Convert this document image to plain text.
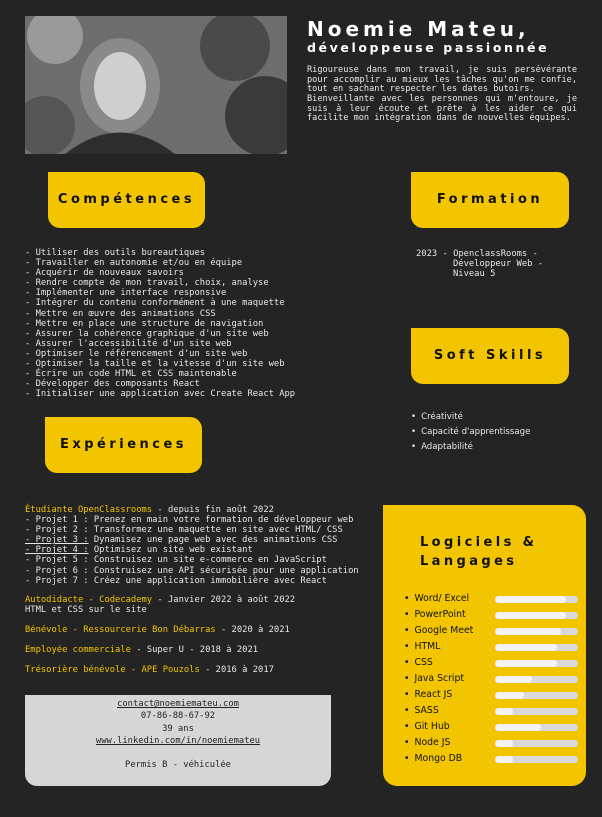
Noemie Mateu,
développeuse passionnée

Rigoureuse dans mon travail, je suis persévérante pour accomplir au mieux les tâches qu'on me confie, tout en sachant respecter les dates butoirs.

Bienveillante avec les personnes qui m'entoure, je suis à leur écoute et prête à les aider ce qui facilite mon intégration dans de nouvelles équipes.

Compétences	Formation
Soft Skills
Expériences
- Utiliser des outils bureautiques
- Travailler en autonomie et/ou en équipe
- Acquérir de nouveaux savoirs
- Rendre compte de mon travail, choix, analyse
- Implémenter une interface responsive
- Intégrer du contenu conformément à une maquette
- Mettre en œuvre des animations CSS
- Mettre en place une structure de navigation
- Assurer la cohérence graphique d'un site web
- Assurer l'accessibilité d'un site web
- Optimiser le référencement d'un site web
- Optimiser la taille et la vitesse d'un site web
- Écrire un code HTML et CSS maintenable
- Développer des composants React
- Initialiser une application avec Create React App
2023 - OpenclassRooms -
Développeur Web -
Niveau 5
• Créativité
• Capacité d'apprentissage
• Adaptabilité
Étudiante OpenClassrooms - depuis fin août 2022
- Projet 1 : Prenez en main votre formation de développeur web
- Projet 2 : Transformez une maquette en site avec HTML/ CSS
- Projet 3 : Dynamisez une page web avec des animations CSS
- Projet 4 : Optimisez un site web existant
- Projet 5 : Construisez un site e-commerce en JavaScript
- Projet 6 : Construisez une API sécurisée pour une application
- Projet 7 : Créez une application immobilière avec React
Autodidacte - Codecademy - Janvier 2022 à août 2022
HTML et CSS sur le site
Bénévole - Ressourcerie Bon Débarras - 2020 à 2021
Employée commerciale - Super U - 2018 à 2021
Trésorière bénévole - APE Pouzols - 2016 à 2017
contact@noemiemateu.com
07-86-88-67-92
39 ans
www.linkedin.com/in/noemiemateu

Permis B - véhiculée
Logiciels &
Langages
• Word/ Excel
• PowerPoint
• Google Meet
• HTML
• CSS
• Java Script
• React JS
• SASS
• Git Hub
• Node JS
• Mongo DB
